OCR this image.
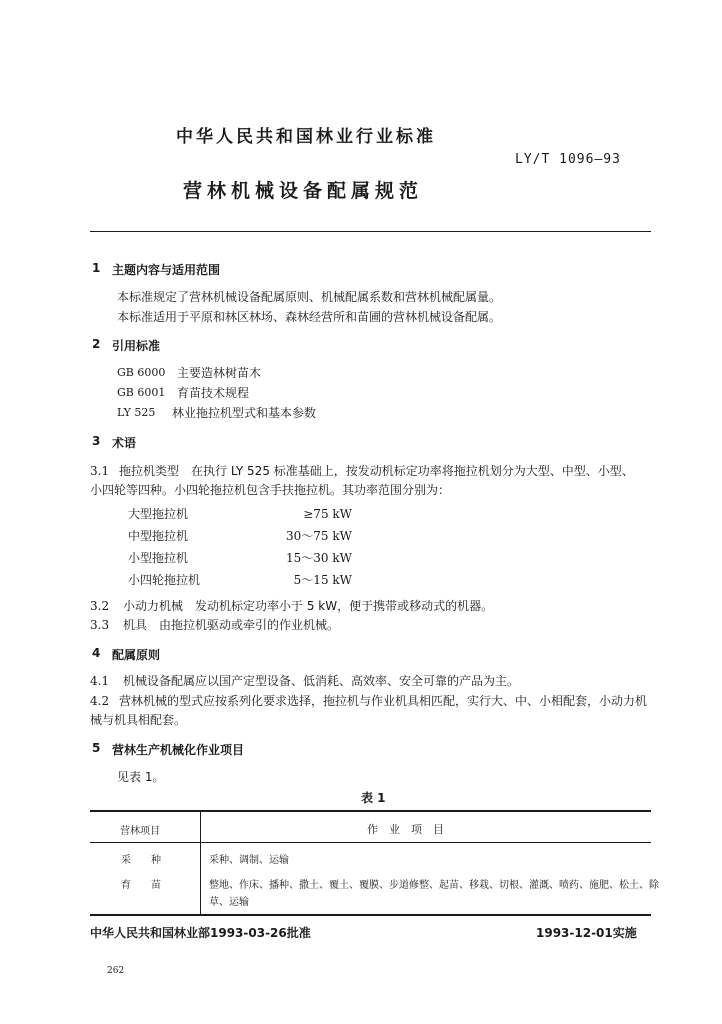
中华人民共和国林业行业标准
LY/T 1096—93
营林机械设备配属规范
1 主题内容与适用范围
本标准规定了营林机械设备配属原则、机械配属系数和营林机械配属量。
本标准适用于平原和林区林场、森林经营所和苗圃的营林机械设备配属。
2 引用标准
GB 6000 主要造林树苗木
GB 6001 育苗技术规程
LY 525 林业拖拉机型式和基本参数
3 术语
3.1 拖拉机类型　在执行 LY 525 标准基础上，按发动机标定功率将拖拉机划分为大型、中型、小型、
小四轮等四种。小四轮拖拉机包含手扶拖拉机。其功率范围分别为：
大型拖拉机	≥75 kW
中型拖拉机	30～75 kW
小型拖拉机	15～30 kW
小四轮拖拉机	5～15 kW
3.2 小动力机械　发动机标定功率小于 5 kW，便于携带或移动式的机器。
3.3 机具　由拖拉机驱动或牵引的作业机械。
4 配属原则
4.1 机械设备配属应以国产定型设备、低消耗、高效率、安全可靠的产品为主。
4.2 营林机械的型式应按系列化要求选择，拖拉机与作业机具相匹配，实行大、中、小相配套，小动力机
械与机具相配套。
5 营林生产机械化作业项目
见表 1。
表 1
营林项目	作　业　项　目
采　　种	采种、调制、运输
育　　苗	整地、作床、播种、撒土、覆土、覆膜、步道修整、起苗、移栽、切根、灌溉、喷药、施肥、松土、除
草、运输
中华人民共和国林业部1993-03-26批准	1993-12-01实施
262
